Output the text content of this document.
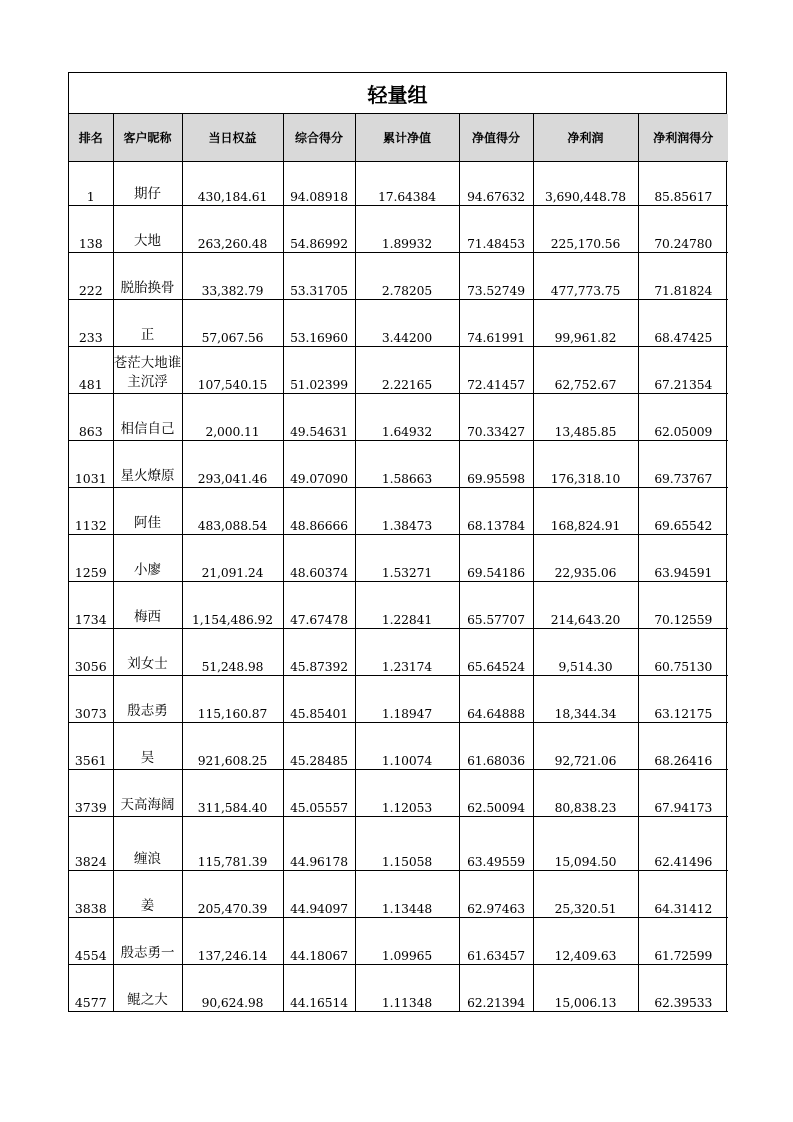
轻量组
排名	客户昵称	当日权益	综合得分	累计净值	净值得分	净利润	净利润得分
1	期仔	430,184.61	94.08918	17.64384	94.67632	3,690,448.78	85.85617
138	大地	263,260.48	54.86992	1.89932	71.48453	225,170.56	70.24780
222	脱胎换骨	33,382.79	53.31705	2.78205	73.52749	477,773.75	71.81824
233	正	57,067.56	53.16960	3.44200	74.61991	99,961.82	68.47425
481	苍茫大地谁主沉浮	107,540.15	51.02399	2.22165	72.41457	62,752.67	67.21354
863	相信自己	2,000.11	49.54631	1.64932	70.33427	13,485.85	62.05009
1031	星火燎原	293,041.46	49.07090	1.58663	69.95598	176,318.10	69.73767
1132	阿佳	483,088.54	48.86666	1.38473	68.13784	168,824.91	69.65542
1259	小廖	21,091.24	48.60374	1.53271	69.54186	22,935.06	63.94591
1734	梅西	1,154,486.92	47.67478	1.22841	65.57707	214,643.20	70.12559
3056	刘女士	51,248.98	45.87392	1.23174	65.64524	9,514.30	60.75130
3073	殷志勇	115,160.87	45.85401	1.18947	64.64888	18,344.34	63.12175
3561	吴	921,608.25	45.28485	1.10074	61.68036	92,721.06	68.26416
3739	天高海阔	311,584.40	45.05557	1.12053	62.50094	80,838.23	67.94173
3824	缠浪	115,781.39	44.96178	1.15058	63.49559	15,094.50	62.41496
3838	姜	205,470.39	44.94097	1.13448	62.97463	25,320.51	64.31412
4554	殷志勇一	137,246.14	44.18067	1.09965	61.63457	12,409.63	61.72599
4577	鲲之大	90,624.98	44.16514	1.11348	62.21394	15,006.13	62.39533
